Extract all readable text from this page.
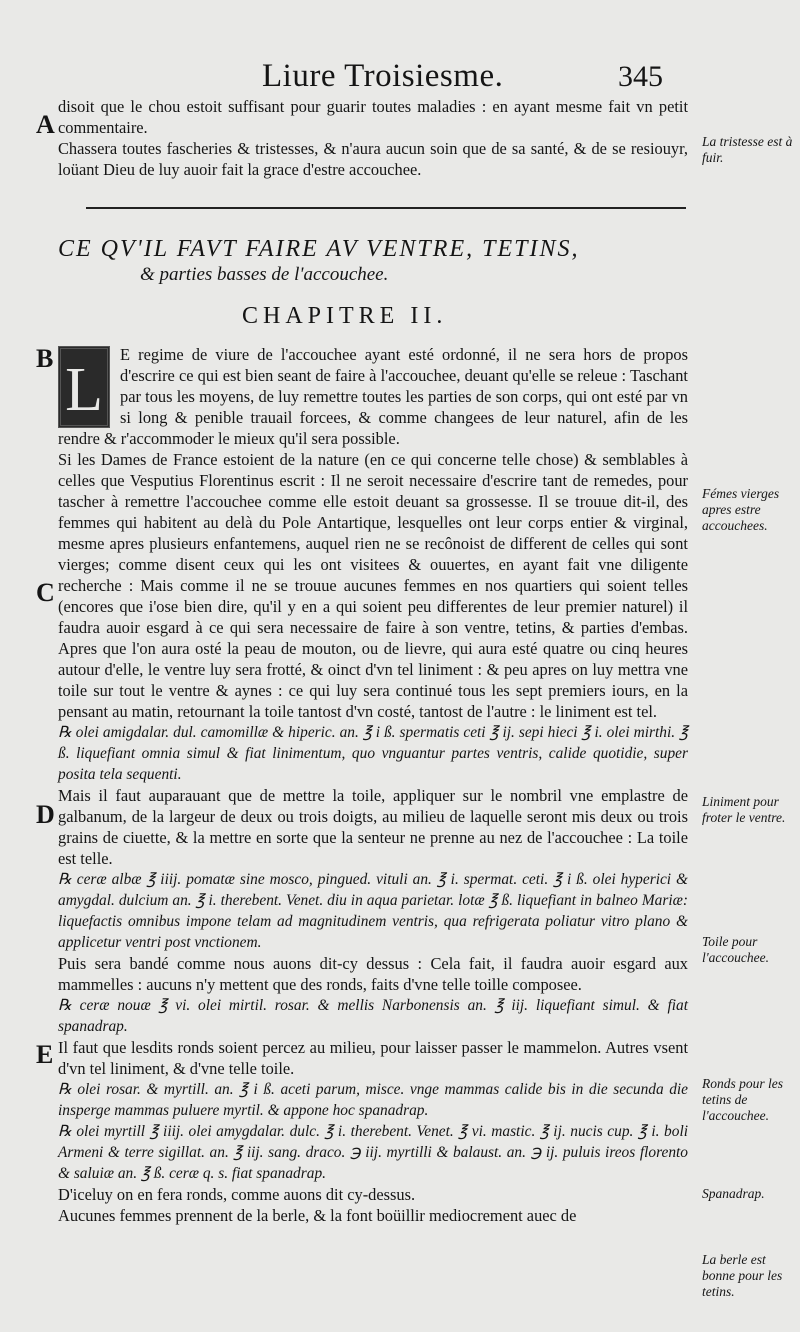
Liure Troisiesme.	345
A
B
C
D
E

disoit que le chou estoit suffisant pour guarir toutes maladies : en ayant mesme fait vn petit commentaire.

Chassera toutes fascheries & tristesses, & n'aura aucun soin que de sa santé, & de se resiouyr, loüant Dieu de luy auoir fait la grace d'estre accouchee.

CE QV'IL FAVT FAIRE AV VENTRE, TETINS,
& parties basses de l'accouchee.
CHAPITRE II.

L
E regime de viure de l'accouchee ayant esté ordonné, il ne sera hors de propos d'escrire ce qui est bien seant de faire à l'accouchee, deuant qu'elle se releue : Taschant par tous les moyens, de luy remettre toutes les parties de son corps, qui ont esté par vn si long & penible trauail forcees, & comme changees de leur naturel, afin de les rendre & r'accommoder le mieux qu'il sera possible.

Si les Dames de France estoient de la nature (en ce qui concerne telle chose) & semblables à celles que Vesputius Florentinus escrit : Il ne seroit necessaire d'escrire tant de remedes, pour tascher à remettre l'accouchee comme elle estoit deuant sa grossesse. Il se trouue dit-il, des femmes qui habitent au delà du Pole Antartique, lesquelles ont leur corps entier & virginal, mesme apres plusieurs enfantemens, auquel rien ne se recônoist de different de celles qui sont vierges; comme disent ceux qui les ont visitees & ouuertes, en ayant fait vne diligente recherche : Mais comme il ne se trouue aucunes femmes en nos quartiers qui soient telles (encores que i'ose bien dire, qu'il y en a qui soient peu differentes de leur premier naturel) il faudra auoir esgard à ce qui sera necessaire de faire à son ventre, tetins, & parties d'embas. Apres que l'on aura osté la peau de mouton, ou de lievre, qui aura esté quatre ou cinq heures autour d'elle, le ventre luy sera frotté, & oinct d'vn tel liniment : & peu apres on luy mettra vne toile sur tout le ventre & aynes : ce qui luy sera continué tous les sept premiers iours, en la pensant au matin, retournant la toile tantost d'vn costé, tantost de l'autre : le liniment est tel.

℞ olei amigdalar. dul. camomillæ & hiperic. an. ℥ i ß. spermatis ceti ℥ ij. sepi hieci ℥ i. olei mirthi. ℥ ß. liquefiant omnia simul & fiat linimentum, quo vnguantur partes ventris, calide quotidie, super posita tela sequenti.

Mais il faut auparauant que de mettre la toile, appliquer sur le nombril vne emplastre de galbanum, de la largeur de deux ou trois doigts, au milieu de laquelle seront mis deux ou trois grains de ciuette, & la mettre en sorte que la senteur ne prenne au nez de l'accouchee : La toile est telle.

℞ ceræ albæ ℥ iiij. pomatæ sine mosco, pingued. vituli an. ℥ i. spermat. ceti. ℥ i ß. olei hyperici & amygdal. dulcium an. ℥ i. therebent. Venet. diu in aqua parietar. lotæ ℥ ß. liquefiant in balneo Mariæ: liquefactis omnibus impone telam ad magnitudinem ventris, qua refrigerata poliatur vitro plano & applicetur ventri post vnctionem.

Puis sera bandé comme nous auons dit-cy dessus : Cela fait, il faudra auoir esgard aux mammelles : aucuns n'y mettent que des ronds, faits d'vne telle toille composee.

℞ ceræ nouæ ℥ vi. olei mirtil. rosar. & mellis Narbonensis an. ℥ iij. liquefiant simul. & fiat spanadrap.

Il faut que lesdits ronds soient percez au milieu, pour laisser passer le mammelon. Autres vsent d'vn tel liniment, & d'vne telle toile.

℞ olei rosar. & myrtill. an. ℥ i ß. aceti parum, misce. vnge mammas calide bis in die secunda die insperge mammas puluere myrtil. & appone hoc spanadrap.

℞ olei myrtill ℥ iiij. olei amygdalar. dulc. ℥ i. therebent. Venet. ℥ vi. mastic. ℥ ij. nucis cup. ℥ i. boli Armeni & terre sigillat. an. ℥ iij. sang. draco. ℈ iij. myrtilli & balaust. an. ℈ ij. puluis ireos florento & saluiæ an. ℥ ß. ceræ q. s. fiat spanadrap.

D'iceluy on en fera ronds, comme auons dit cy-dessus.

Aucunes femmes prennent de la berle, & la font boüillir mediocrement auec de

La tristesse est à fuir.
Fémes vierges apres estre accouchees.
Liniment pour froter le ventre.
Toile pour l'accouchee.
Ronds pour les tetins de l'accouchee.
Spanadrap.
La berle est bonne pour les tetins.
